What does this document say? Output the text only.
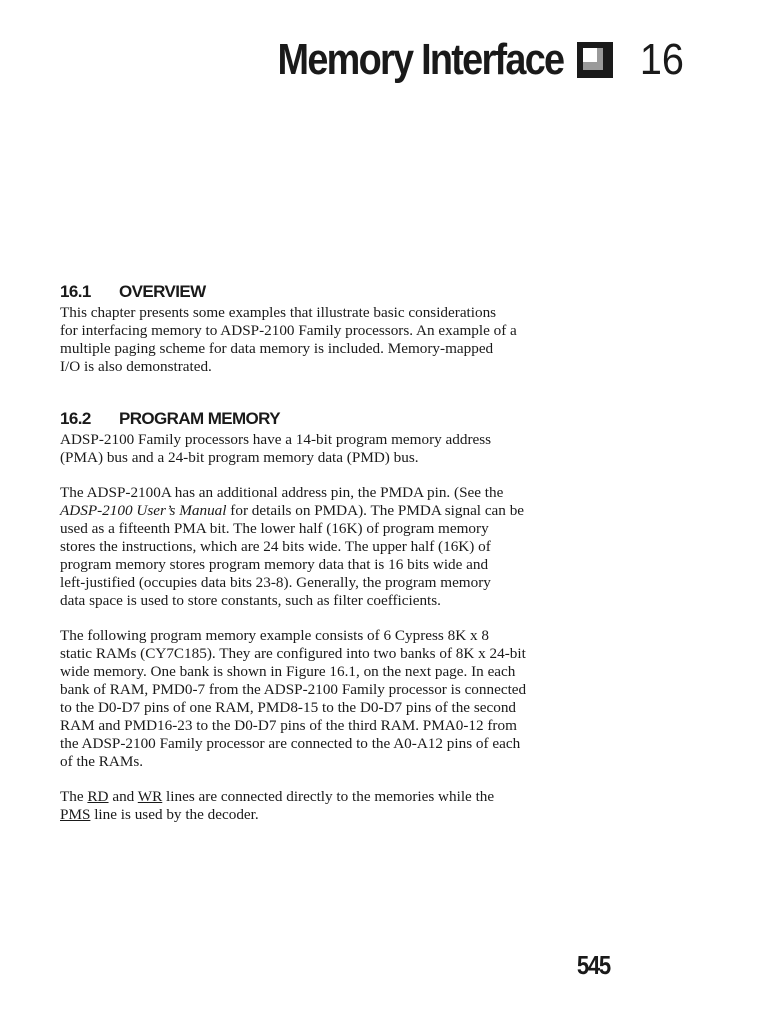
Memory Interface 16
16.1	OVERVIEW

This chapter presents some examples that illustrate basic considerations

for interfacing memory to ADSP-2100 Family processors. An example of a

multiple paging scheme for data memory is included. Memory-mapped

I/O is also demonstrated.

16.2	PROGRAM MEMORY

ADSP-2100 Family processors have a 14-bit program memory address

(PMA) bus and a 24-bit program memory data (PMD) bus.

The ADSP-2100A has an additional address pin, the PMDA pin. (See the

ADSP-2100 User’s Manual for details on PMDA). The PMDA signal can be

used as a fifteenth PMA bit. The lower half (16K) of program memory

stores the instructions, which are 24 bits wide. The upper half (16K) of

program memory stores program memory data that is 16 bits wide and

left-justified (occupies data bits 23-8). Generally, the program memory

data space is used to store constants, such as filter coefficients.

The following program memory example consists of 6 Cypress 8K x 8

static RAMs (CY7C185). They are configured into two banks of 8K x 24-bit

wide memory. One bank is shown in Figure 16.1, on the next page. In each

bank of RAM, PMD0-7 from the ADSP-2100 Family processor is connected

to the D0-D7 pins of one RAM, PMD8-15 to the D0-D7 pins of the second

RAM and PMD16-23 to the D0-D7 pins of the third RAM. PMA0-12 from

the ADSP-2100 Family processor are connected to the A0-A12 pins of each

of the RAMs.

The RD and WR lines are connected directly to the memories while the

PMS line is used by the decoder.

545
